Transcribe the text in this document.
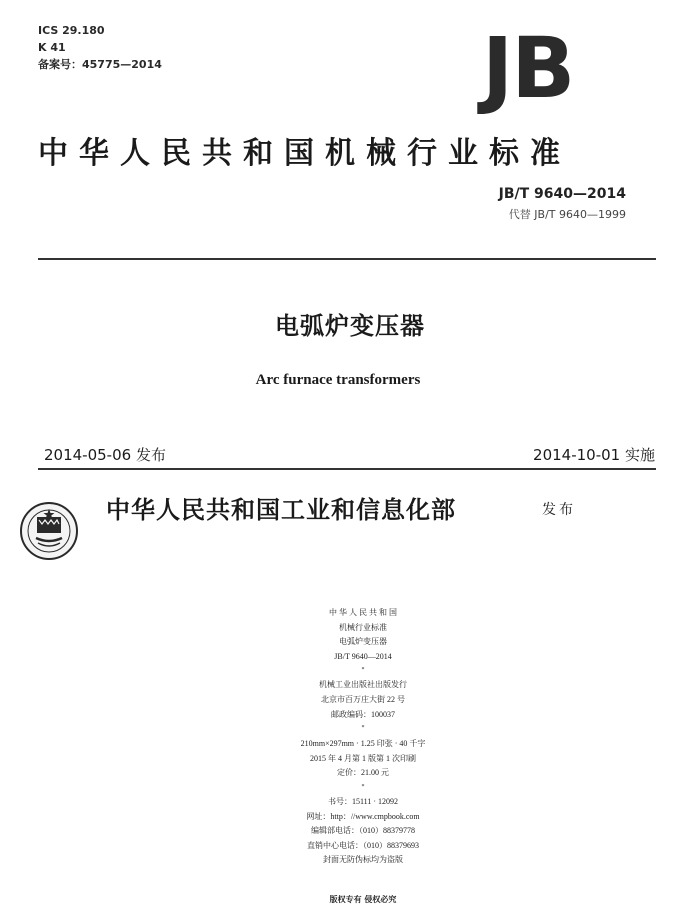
ICS 29.180
K 41
备案号：45775—2014	JB
中华人民共和国机械行业标准
JB/T 9640—2014
代替 JB/T 9640—1999
电弧炉变压器
Arc furnace transformers
2014-05-06 发布	2014-10-01 实施
中华人民共和国工业和信息化部	发布
中 华 人 民 共 和 国
机械行业标准
电弧炉变压器
JB/T 9640—2014
*
机械工业出版社出版发行
北京市百万庄大街 22 号
邮政编码：100037
*
210mm×297mm · 1.25 印张 · 40 千字
2015 年 4 月第 1 版第 1 次印刷
定价：21.00 元
*
书号：15111 · 12092
网址：http：//www.cmpbook.com
编辑部电话：（010）88379778
直销中心电话：（010）88379693
封面无防伪标均为盗版
版权专有 侵权必究
